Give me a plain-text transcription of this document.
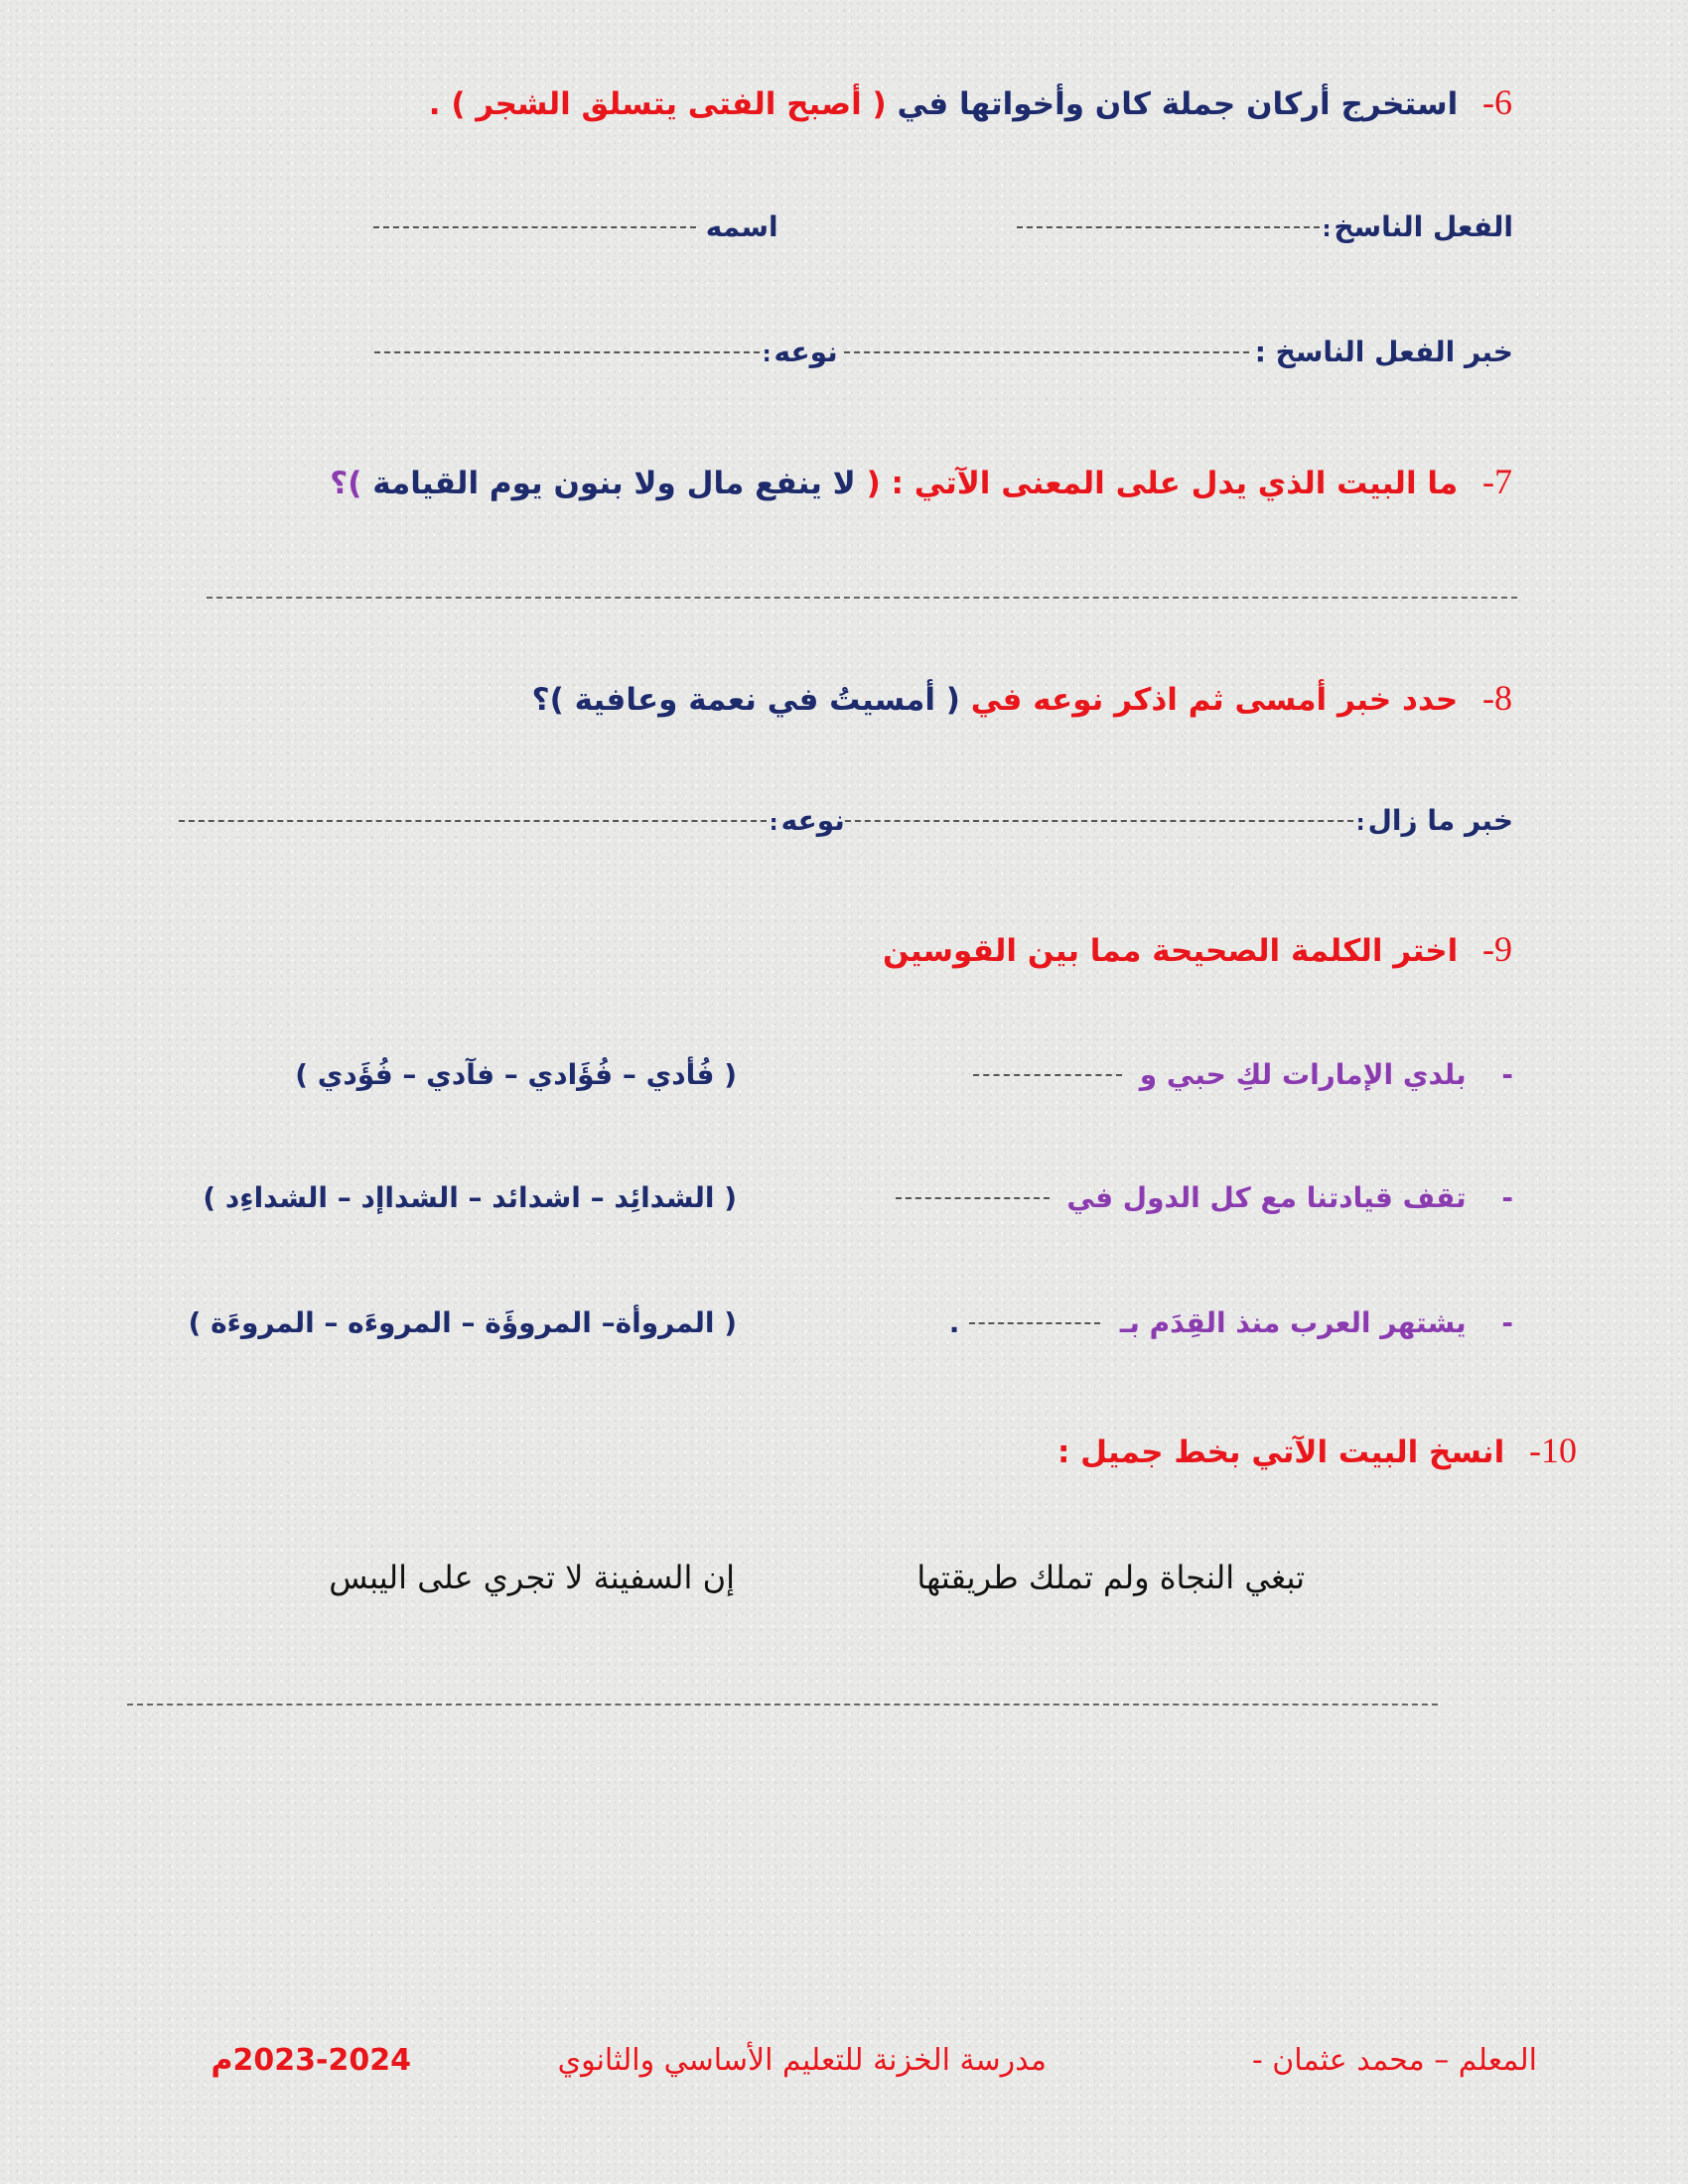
6- استخرج أركان جملة كان وأخواتها في ( أصبح الفتى يتسلق الشجر ) .
الفعل الناسخ
:
اسمه
خبر الفعل الناسخ :
نوعه
:
7- ما البيت الذي يدل على المعنى الآتي : ( لا ينفع مال ولا بنون يوم القيامة )؟
8- حدد خبر أمسى ثم اذكر نوعه في ( أمسيتُ في نعمة وعافية )؟
خبر ما زال
:
نوعه
:
9- اختر الكلمة الصحيحة مما بين القوسين
- بلدي الإمارات لكِ حبي و
( فُأدي – فُؤَادي – فآدي – فُؤَدي )
- تقف قيادتنا مع كل الدول في
( الشدائِد – اشدائد – الشداإد – الشداءِد )
- يشتهر العرب منذ القِدَم بـ  .
( المروأة– المروؤَة – المروءَه – المروءَة )
10- انسخ البيت الآتي بخط جميل :
تبغي النجاة ولم تملك طريقتها
إن السفينة لا تجري على اليبس
المعلم – محمد عثمان -
مدرسة الخزنة للتعليم الأساسي والثانوي
2023-2024م
